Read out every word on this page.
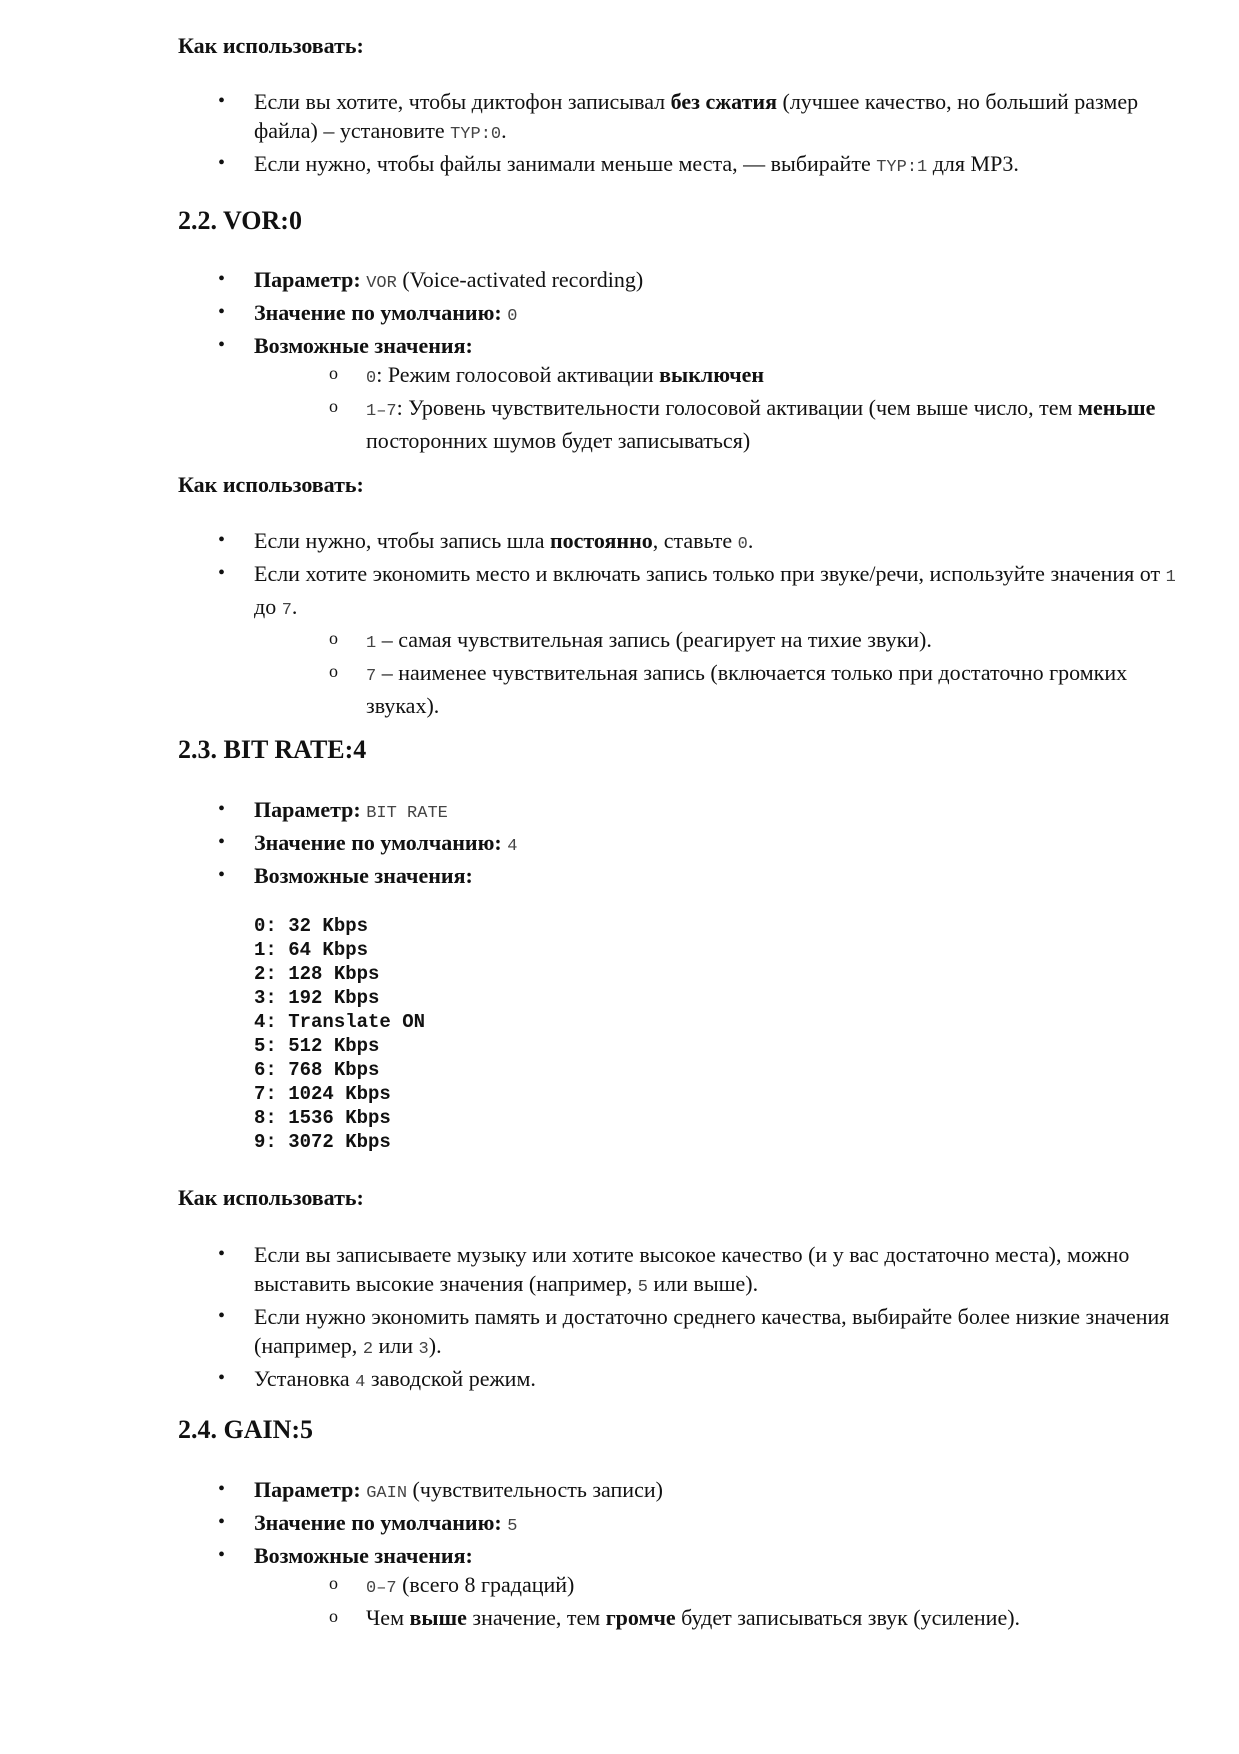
Как использовать:
• Если вы хотите, чтобы диктофон записывал без сжатия (лучшее качество, но больший размер файла) – установите TYP:0.
• Если нужно, чтобы файлы занимали меньше места, — выбирайте TYP:1 для MP3.
2.2. VOR:0
• Параметр: VOR (Voice-activated recording)
• Значение по умолчанию: 0
• Возможные значения:
o 0: Режим голосовой активации выключен
o 1–7: Уровень чувствительности голосовой активации (чем выше число, тем меньше посторонних шумов будет записываться)
Как использовать:
• Если нужно, чтобы запись шла постоянно, ставьте 0.
• Если хотите экономить место и включать запись только при звуке/речи, используйте значения от 1 до 7.
o 1 – самая чувствительная запись (реагирует на тихие звуки).
o 7 – наименее чувствительная запись (включается только при достаточно громких звуках).
2.3. BIT RATE:4
• Параметр: BIT RATE
• Значение по умолчанию: 4
• Возможные значения:
0: 32 Kbps
1: 64 Kbps
2: 128 Kbps
3: 192 Kbps
4: Translate ON
5: 512 Kbps
6: 768 Kbps
7: 1024 Kbps
8: 1536 Kbps
9: 3072 Kbps
Как использовать:
• Если вы записываете музыку или хотите высокое качество (и у вас достаточно места), можно выставить высокие значения (например, 5 или выше).
• Если нужно экономить память и достаточно среднего качества, выбирайте более низкие значения (например, 2 или 3).
• Установка 4 заводской режим.
2.4. GAIN:5
• Параметр: GAIN (чувствительность записи)
• Значение по умолчанию: 5
• Возможные значения:
o 0–7 (всего 8 градаций)
o Чем выше значение, тем громче будет записываться звук (усиление).
